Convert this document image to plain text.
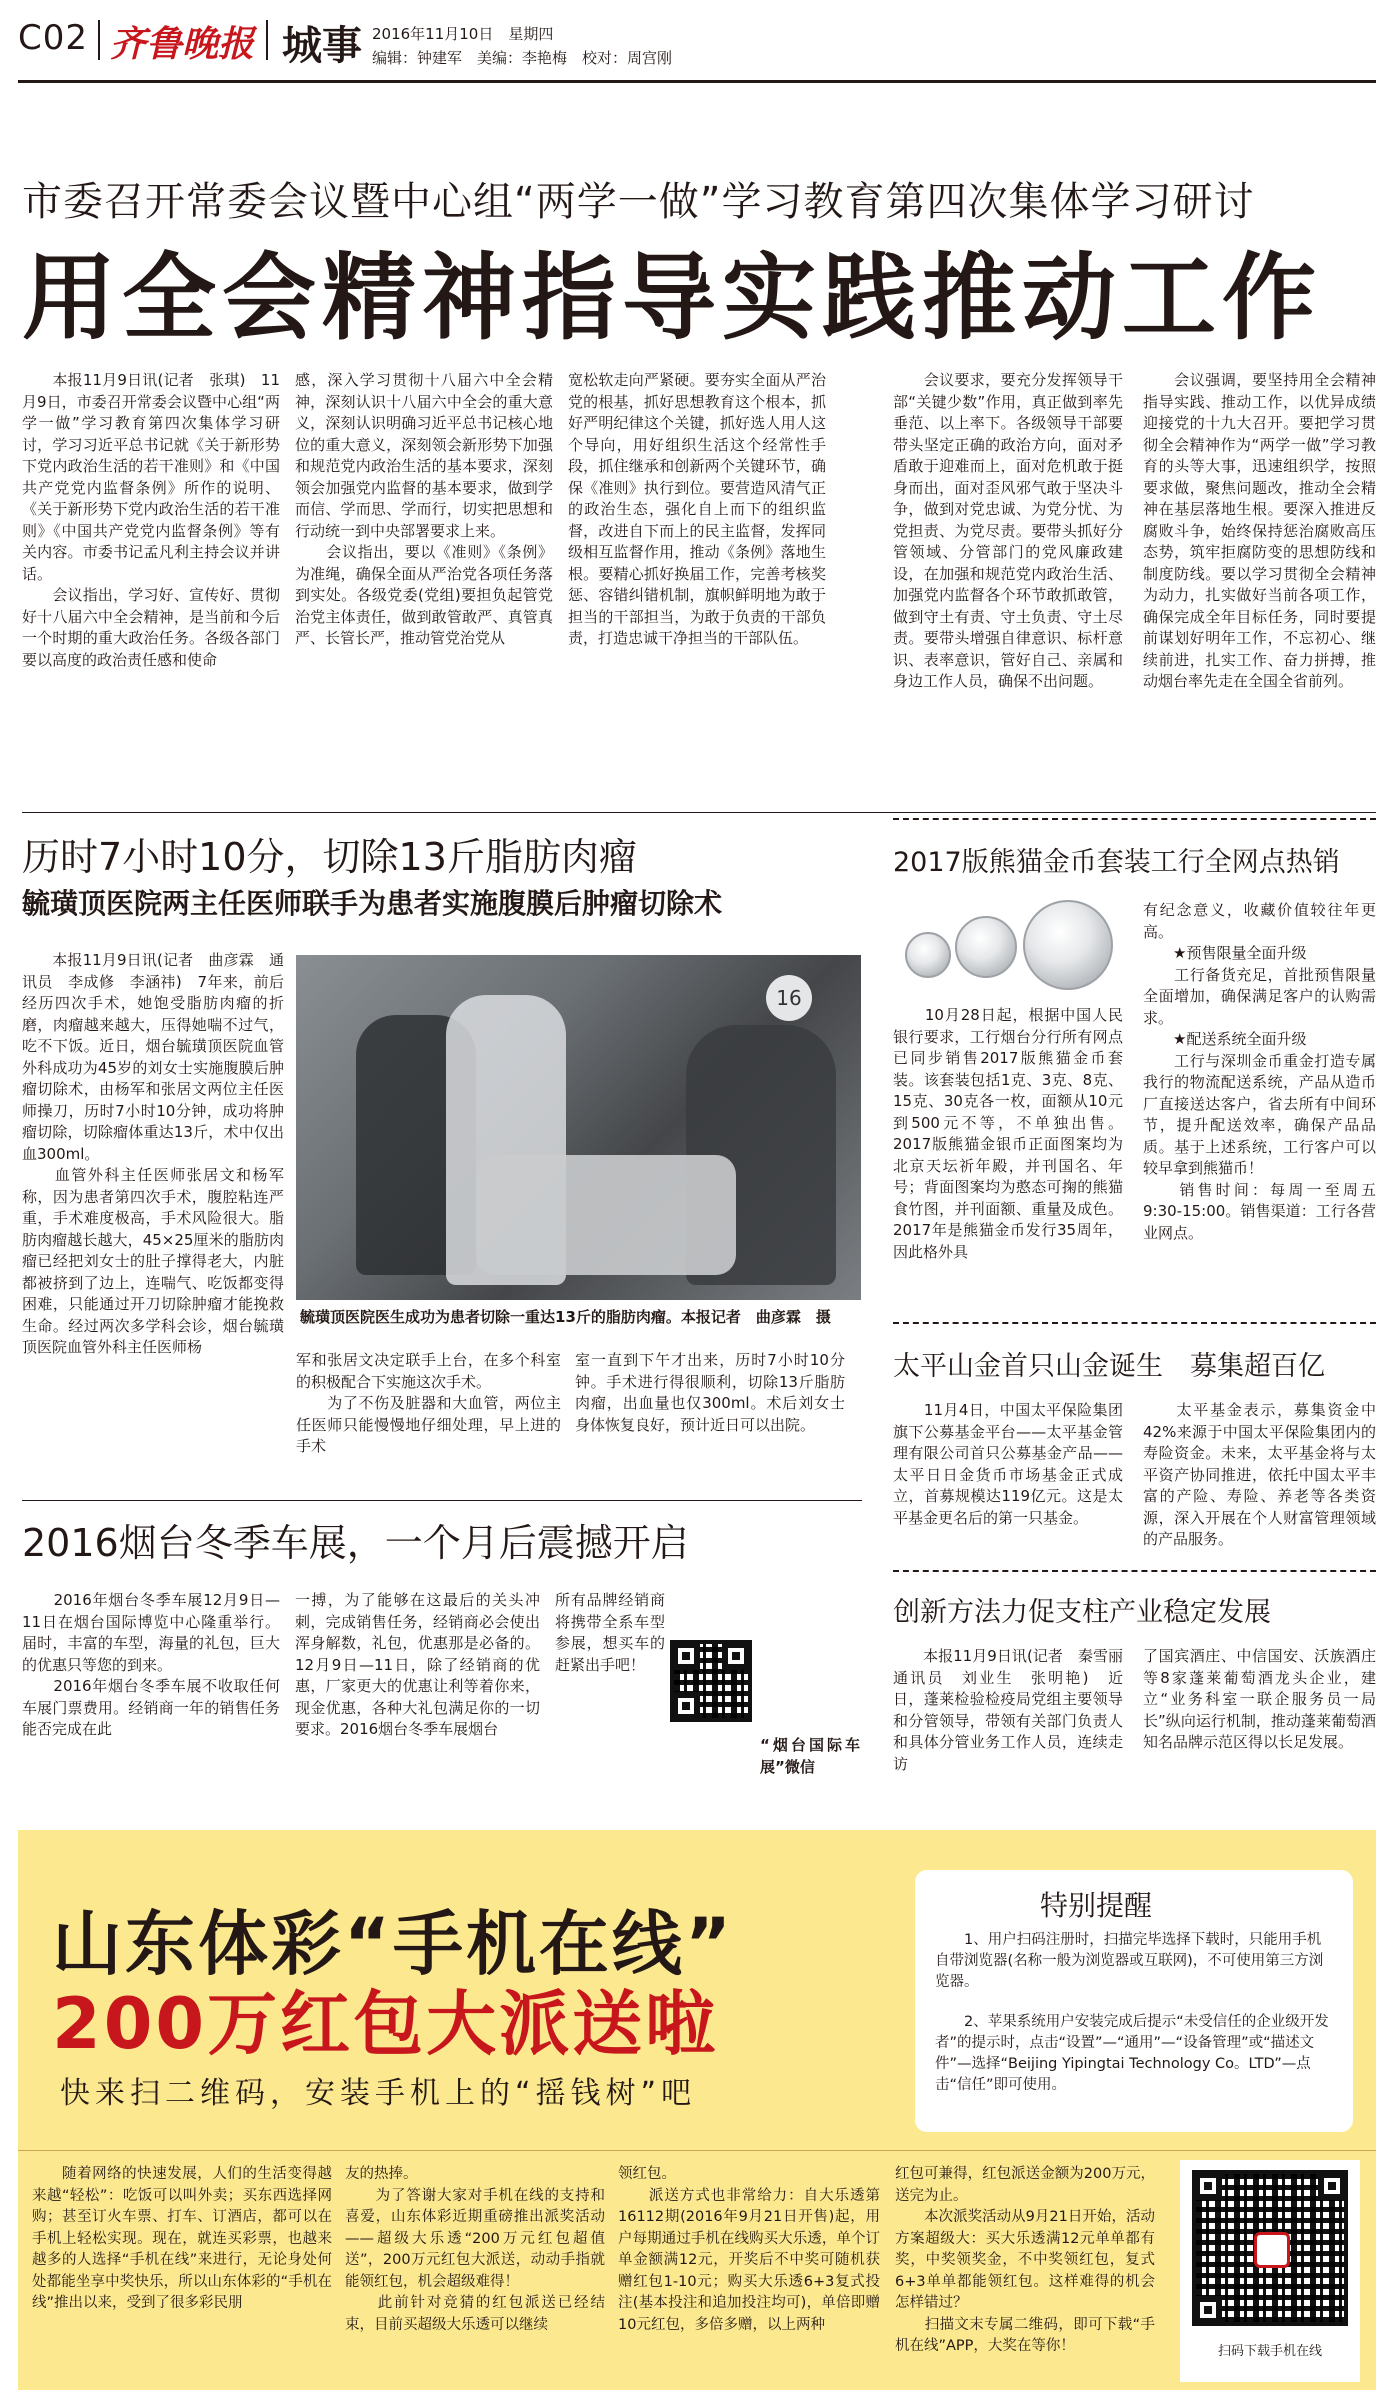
C02 齐鲁晚报 城事 2016年11月10日　星期四
编辑：钟建军　美编：李艳梅　校对：周宫刚
市委召开常委会议暨中心组“两学一做”学习教育第四次集体学习研讨
用全会精神指导实践推动工作
　　本报11月9日讯(记者　张琪)　11月9日，市委召开常委会议暨中心组“两学一做”学习教育第四次集体学习研讨，学习习近平总书记就《关于新形势下党内政治生活的若干准则》和《中国共产党党内监督条例》所作的说明、《关于新形势下党内政治生活的若干准则》《中国共产党党内监督条例》等有关内容。市委书记孟凡利主持会议并讲话。
　　会议指出，学习好、宣传好、贯彻好十八届六中全会精神，是当前和今后一个时期的重大政治任务。各级各部门要以高度的政治责任感和使命
感，深入学习贯彻十八届六中全会精神，深刻认识十八届六中全会的重大意义，深刻认识明确习近平总书记核心地位的重大意义，深刻领会新形势下加强和规范党内政治生活的基本要求，深刻领会加强党内监督的基本要求，做到学而信、学而思、学而行，切实把思想和行动统一到中央部署要求上来。
　　会议指出，要以《准则》《条例》为准绳，确保全面从严治党各项任务落到实处。各级党委(党组)要担负起管党治党主体责任，做到敢管敢严、真管真严、长管长严，推动管党治党从
宽松软走向严紧硬。要夯实全面从严治党的根基，抓好思想教育这个根本，抓好严明纪律这个关键，抓好选人用人这个导向，用好组织生活这个经常性手段，抓住继承和创新两个关键环节，确保《准则》执行到位。要营造风清气正的政治生态，强化自上而下的组织监督，改进自下而上的民主监督，发挥同级相互监督作用，推动《条例》落地生根。要精心抓好换届工作，完善考核奖惩、容错纠错机制，旗帜鲜明地为敢于担当的干部担当，为敢于负责的干部负责，打造忠诚干净担当的干部队伍。
　　会议要求，要充分发挥领导干部“关键少数”作用，真正做到率先垂范、以上率下。各级领导干部要带头坚定正确的政治方向，面对矛盾敢于迎难而上，面对危机敢于挺身而出，面对歪风邪气敢于坚决斗争，做到对党忠诚、为党分忧、为党担责、为党尽责。要带头抓好分管领域、分管部门的党风廉政建设，在加强和规范党内政治生活、加强党内监督各个环节敢抓敢管，做到守土有责、守土负责、守土尽责。要带头增强自律意识、标杆意识、表率意识，管好自己、亲属和身边工作人员，确保不出问题。
　　会议强调，要坚持用全会精神指导实践、推动工作，以优异成绩迎接党的十九大召开。要把学习贯彻全会精神作为“两学一做”学习教育的头等大事，迅速组织学，按照要求做，聚焦问题改，推动全会精神在基层落地生根。要深入推进反腐败斗争，始终保持惩治腐败高压态势，筑牢拒腐防变的思想防线和制度防线。要以学习贯彻全会精神为动力，扎实做好当前各项工作，确保完成全年目标任务，同时要提前谋划好明年工作，不忘初心、继续前进，扎实工作、奋力拼搏，推动烟台率先走在全国全省前列。
历时7小时10分，切除13斤脂肪肉瘤
毓璜顶医院两主任医师联手为患者实施腹膜后肿瘤切除术
　　本报11月9日讯(记者　曲彦霖　通讯员　李成修　李涵祎)　7年来，前后经历四次手术，她饱受脂肪肉瘤的折磨，肉瘤越来越大，压得她喘不过气，吃不下饭。近日，烟台毓璜顶医院血管外科成功为45岁的刘女士实施腹膜后肿瘤切除术，由杨军和张居文两位主任医师操刀，历时7小时10分钟，成功将肿瘤切除，切除瘤体重达13斤，术中仅出血300ml。
　　血管外科主任医师张居文和杨军称，因为患者第四次手术，腹腔粘连严重，手术难度极高，手术风险很大。脂肪肉瘤越长越大，45×25厘米的脂肪肉瘤已经把刘女士的肚子撑得老大，内脏都被挤到了边上，连喘气、吃饭都变得困难，只能通过开刀切除肿瘤才能挽救生命。经过两次多学科会诊，烟台毓璜顶医院血管外科主任医师杨
16
毓璜顶医院医生成功为患者切除一重达13斤的脂肪肉瘤。本报记者　曲彦霖　摄
军和张居文决定联手上台，在多个科室的积极配合下实施这次手术。
　　为了不伤及脏器和大血管，两位主任医师只能慢慢地仔细处理，早上进的手术
室一直到下午才出来，历时7小时10分钟。手术进行得很顺利，切除13斤脂肪肉瘤，出血量也仅300ml。术后刘女士身体恢复良好，预计近日可以出院。
2016烟台冬季车展，一个月后震撼开启
　　2016年烟台冬季车展12月9日—11日在烟台国际博览中心隆重举行。届时，丰富的车型，海量的礼包，巨大的优惠只等您的到来。
　　2016年烟台冬季车展不收取任何车展门票费用。经销商一年的销售任务能否完成在此
一搏，为了能够在这最后的关头冲刺，完成销售任务，经销商必会使出浑身解数，礼包，优惠那是必备的。12月9日—11日，除了经销商的优惠，厂家更大的优惠让利等着你来，现金优惠，各种大礼包满足你的一切要求。2016烟台冬季车展烟台
所有品牌经销商将携带全系车型参展，想买车的赶紧出手吧！
“烟台国际车展”微信
2017版熊猫金币套装工行全网点热销
　　10月28日起，根据中国人民银行要求，工行烟台分行所有网点已同步销售2017版熊猫金币套装。该套装包括1克、3克、8克、15克、30克各一枚，面额从10元到500元不等，不单独出售。2017版熊猫金银币正面图案均为北京天坛祈年殿，并刊国名、年号；背面图案均为憨态可掬的熊猫食竹图，并刊面额、重量及成色。2017年是熊猫金币发行35周年，因此格外具
有纪念意义，收藏价值较往年更高。
　　★预售限量全面升级
　　工行备货充足，首批预售限量全面增加，确保满足客户的认购需求。
　　★配送系统全面升级
　　工行与深圳金币重金打造专属我行的物流配送系统，产品从造币厂直接送达客户，省去所有中间环节，提升配送效率，确保产品品质。基于上述系统，工行客户可以较早拿到熊猫币！
　　销售时间：每周一至周五9:30-15:00。销售渠道：工行各营业网点。
太平山金首只山金诞生　募集超百亿
　　11月4日，中国太平保险集团旗下公募基金平台——太平基金管理有限公司首只公募基金产品——太平日日金货币市场基金正式成立，首募规模达119亿元。这是太平基金更名后的第一只基金。
　　太平基金表示，募集资金中42%来源于中国太平保险集团内的寿险资金。未来，太平基金将与太平资产协同推进，依托中国太平丰富的产险、寿险、养老等各类资源，深入开展在个人财富管理领域的产品服务。
创新方法力促支柱产业稳定发展
　　本报11月9日讯(记者　秦雪丽　通讯员　刘业生　张明艳)　近日，蓬莱检验检疫局党组主要领导和分管领导，带领有关部门负责人和具体分管业务工作人员，连续走访
了国宾酒庄、中信国安、沃族酒庄等8家蓬莱葡萄酒龙头企业，建立“业务科室一联企服务员一局长”纵向运行机制，推动蓬莱葡萄酒知名品牌示范区得以长足发展。
山东体彩“手机在线”
200万红包大派送啦
快来扫二维码，安装手机上的“摇钱树”吧
特别提醒
　　1、用户扫码注册时，扫描完毕选择下载时，只能用手机自带浏览器(名称一般为浏览器或互联网)，不可使用第三方浏览器。
　　2、苹果系统用户安装完成后提示“未受信任的企业级开发者”的提示时，点击“设置”—“通用”—“设备管理”或“描述文件”—选择“Beijing Yipingtai Technology Co。LTD”—点击“信任”即可使用。
　　随着网络的快速发展，人们的生活变得越来越“轻松”：吃饭可以叫外卖；买东西选择网购；甚至订火车票、打车、订酒店，都可以在手机上轻松实现。现在，就连买彩票，也越来越多的人选择“手机在线”来进行，无论身处何处都能坐享中奖快乐，所以山东体彩的“手机在线”推出以来，受到了很多彩民朋
友的热捧。
　　为了答谢大家对手机在线的支持和喜爱，山东体彩近期重磅推出派奖活动——超级大乐透“200万元红包超值送”，200万元红包大派送，动动手指就能领红包，机会超级难得！
　　此前针对竞猜的红包派送已经结束，目前买超级大乐透可以继续
领红包。
　　派送方式也非常给力：自大乐透第16112期(2016年9月21日开售)起，用户每期通过手机在线购买大乐透，单个订单金额满12元，开奖后不中奖可随机获赠红包1-10元；购买大乐透6+3复式投注(基本投注和追加投注均可)，单倍即赠10元红包，多倍多赠，以上两种
红包可兼得，红包派送金额为200万元，送完为止。
　　本次派奖活动从9月21日开始，活动方案超级大：买大乐透满12元单单都有奖，中奖领奖金，不中奖领红包，复式6+3单单都能领红包。这样难得的机会怎样错过？
　　扫描文末专属二维码，即可下载“手机在线”APP，大奖在等你！	扫码下载手机在线
